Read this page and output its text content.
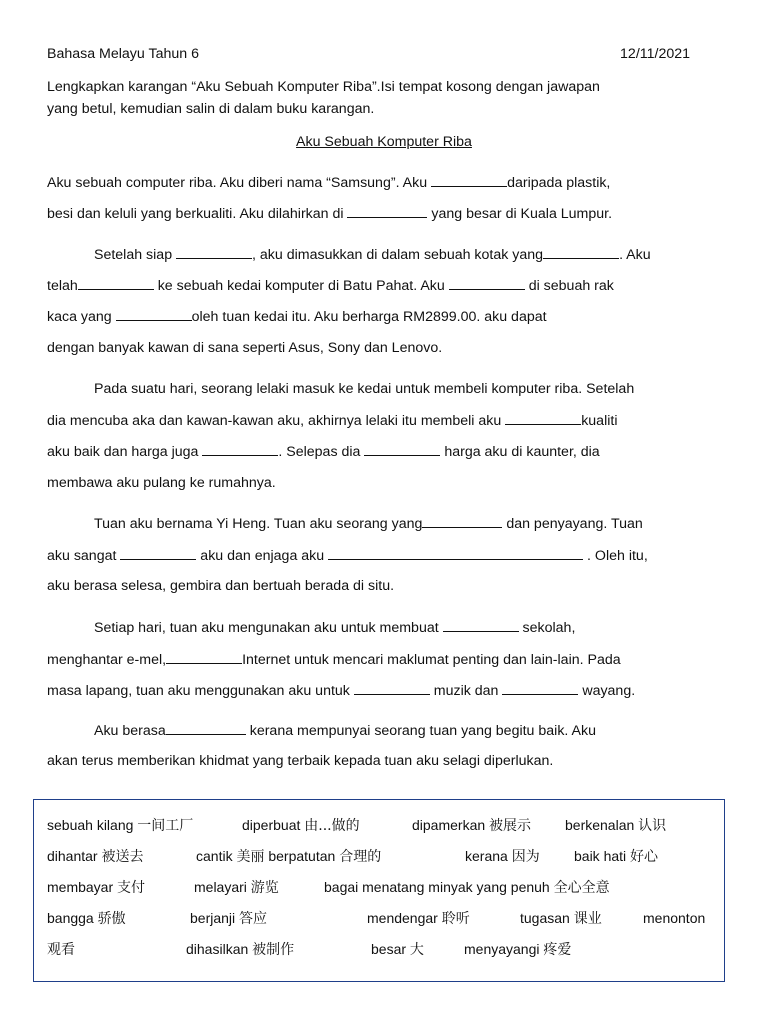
Bahasa Melayu Tahun 6	12/11/2021
Lengkapkan karangan “Aku Sebuah Komputer Riba”.Isi tempat kosong dengan jawapan
yang betul, kemudian salin di dalam buku karangan.
Aku Sebuah Komputer Riba
Aku sebuah computer riba. Aku diberi nama “Samsung”. Aku	daripada plastik,
besi dan keluli yang berkualiti. Aku dilahirkan di	yang besar di Kuala Lumpur.
Setelah siap	, aku dimasukkan di dalam sebuah kotak yang	. Aku
telah	ke sebuah kedai komputer di Batu Pahat. Aku	di sebuah rak
kaca yang	oleh tuan kedai itu. Aku berharga RM2899.00. aku dapat
dengan banyak kawan di sana seperti Asus, Sony dan Lenovo.
Pada suatu hari, seorang lelaki masuk ke kedai untuk membeli komputer riba. Setelah
dia mencuba aka dan kawan-kawan aku, akhirnya lelaki itu membeli aku	kualiti
aku baik dan harga juga	. Selepas dia	harga aku di kaunter, dia
membawa aku pulang ke rumahnya.
Tuan aku bernama Yi Heng. Tuan aku seorang yang	dan penyayang. Tuan
aku sangat	aku dan enjaga aku	. Oleh itu,
aku berasa selesa, gembira dan bertuah berada di situ.
Setiap hari, tuan aku mengunakan aku untuk membuat	sekolah,
menghantar e-mel,	Internet untuk mencari maklumat penting dan lain-lain. Pada
masa lapang, tuan aku menggunakan aku untuk	muzik dan	wayang.
Aku berasa	kerana mempunyai seorang tuan yang begitu baik. Aku
akan terus memberikan khidmat yang terbaik kepada tuan aku selagi diperlukan.
sebuah kilang 一间工厂	diperbuat 由...做的	dipamerkan 被展示 berkenalan 认识
dihantar 被送去	cantik 美丽 berpatutan 合理的	kerana 因为 baik hati 好心
membayar 支付	melayari 游览	bagai menatang minyak yang penuh 全心全意
bangga 骄傲	berjanji 答应	mendengar 聆听	tugasan 课业	menonton
观看	dihasilkan 被制作	besar 大	menyayangi 疼爱
